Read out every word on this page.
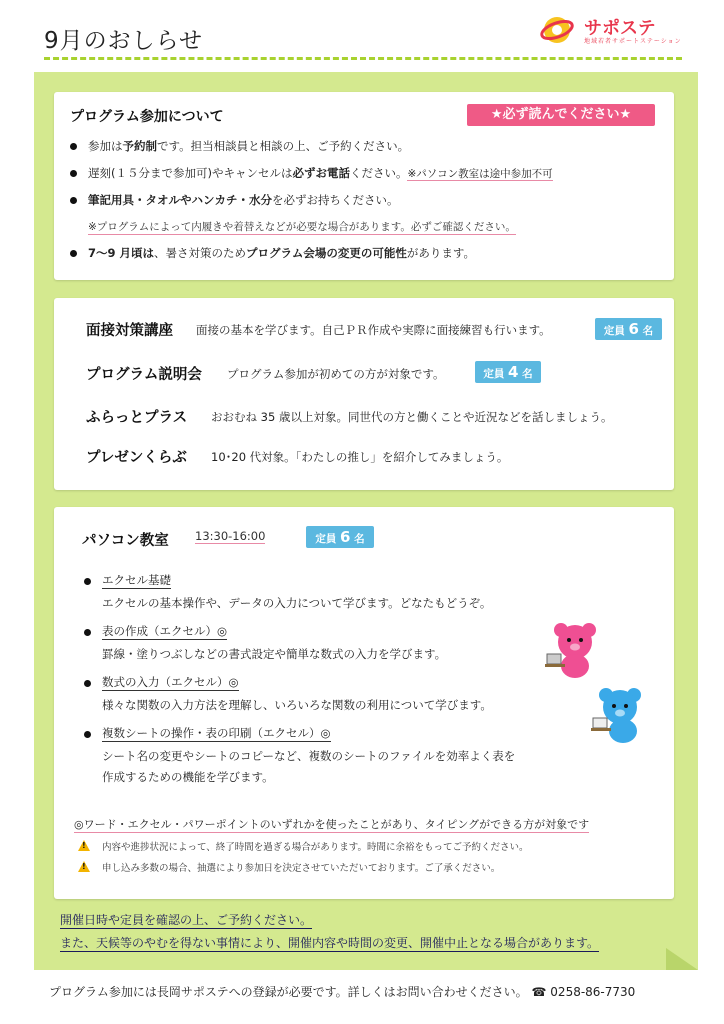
9月のおしらせ	サポステ
地域若者サポートステーション
プログラム参加について	★必ず読んでください★
参加は予約制です。担当相談員と相談の上、ご予約ください。
遅刻(１５分まで参加可)やキャンセルは必ずお電話ください。※パソコン教室は途中参加不可
筆記用具・タオルやハンカチ・水分を必ずお持ちください。
※プログラムによって内履きや着替えなどが必要な場合があります。必ずご確認ください。
7〜9 月頃は、暑さ対策のためプログラム会場の変更の可能性があります。
面接対策講座 面接の基本を学びます。自己ＰＲ作成や実際に面接練習も行います。	定員 6 名
プログラム説明会 プログラム参加が初めての方が対象です。	定員 4 名
ふらっとプラス おおむね 35 歳以上対象。同世代の方と働くことや近況などを話しましょう。
プレゼンくらぶ 10･20 代対象。「わたしの推し」を紹介してみましょう。
パソコン教室 13:30-16:00	定員 6 名
エクセル基礎
エクセルの基本操作や、データの入力について学びます。どなたもどうぞ。
表の作成（エクセル）◎
罫線・塗りつぶしなどの書式設定や簡単な数式の入力を学びます。
数式の入力（エクセル）◎
様々な関数の入力方法を理解し、いろいろな関数の利用について学びます。
複数シートの操作・表の印刷（エクセル）◎
シート名の変更やシートのコピーなど、複数のシートのファイルを効率よく表を
作成するための機能を学びます。
◎ワード・エクセル・パワーポイントのいずれかを使ったことがあり、タイピングができる方が対象です
! 内容や進捗状況によって、終了時間を過ぎる場合があります。時間に余裕をもってご予約ください。
! 申し込み多数の場合、抽選により参加日を決定させていただいております。ご了承ください。
開催日時や定員を確認の上、ご予約ください。
また、天候等のやむを得ない事情により、開催内容や時間の変更、開催中止となる場合があります。
プログラム参加には長岡サポステへの登録が必要です。詳しくはお問い合わせください。 ☎ 0258-86-7730
